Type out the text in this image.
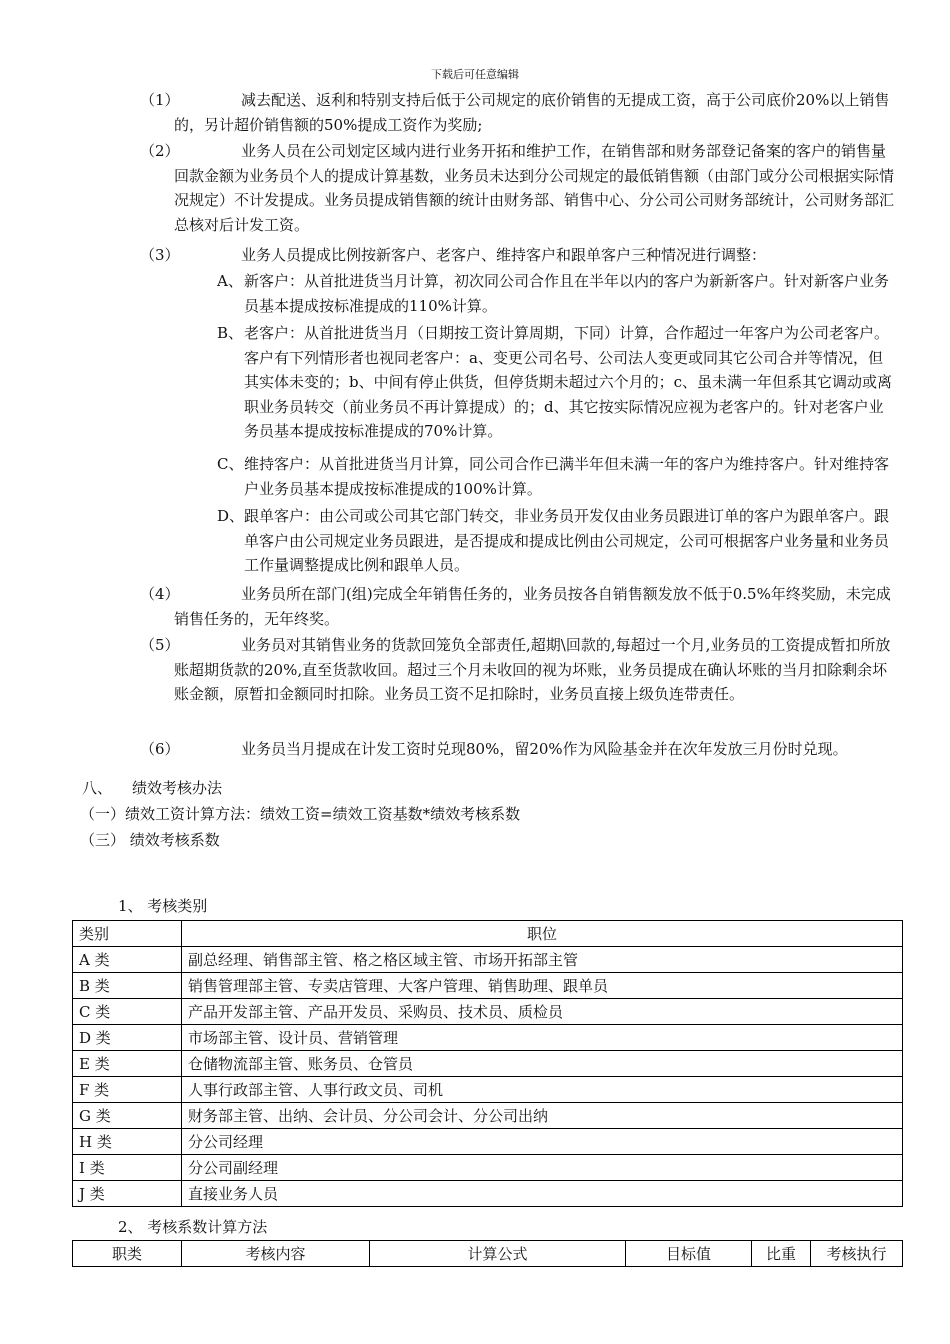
下载后可任意编辑
（1）	减去配送、返利和特别支持后低于公司规定的底价销售的无提成工资，高于公司底价20%以上销售的，另计超价销售额的50%提成工资作为奖励;
（2）	业务人员在公司划定区域内进行业务开拓和维护工作，在销售部和财务部登记备案的客户的销售量回款金额为业务员个人的提成计算基数，业务员未达到分公司规定的最低销售额（由部门或分公司根据实际情况规定）不计发提成。业务员提成销售额的统计由财务部、销售中心、分公司公司财务部统计，公司财务部汇总核对后计发工资。
（3）	业务人员提成比例按新客户、老客户、维持客户和跟单客户三种情况进行调整：
A、 新客户：从首批进货当月计算，初次同公司合作且在半年以内的客户为新新客户。针对新客户业务员基本提成按标准提成的110%计算。
B、 老客户：从首批进货当月（日期按工资计算周期，下同）计算，合作超过一年客户为公司老客户。客户有下列情形者也视同老客户：a、变更公司名号、公司法人变更或同其它公司合并等情况，但其实体未变的；b、中间有停止供货，但停货期未超过六个月的；c、虽未满一年但系其它调动或离职业务员转交（前业务员不再计算提成）的；d、其它按实际情况应视为老客户的。针对老客户业务员基本提成按标准提成的70%计算。
C、 维持客户：从首批进货当月计算，同公司合作已满半年但未满一年的客户为维持客户。针对维持客户业务员基本提成按标准提成的100%计算。
D、 跟单客户：由公司或公司其它部门转交，非业务员开发仅由业务员跟进订单的客户为跟单客户。跟单客户由公司规定业务员跟进，是否提成和提成比例由公司规定，公司可根据客户业务量和业务员工作量调整提成比例和跟单人员。
（4）	业务员所在部门(组)完成全年销售任务的，业务员按各自销售额发放不低于0.5%年终奖励，未完成销售任务的，无年终奖。
（5）	业务员对其销售业务的货款回笼负全部责任,超期\回款的,每超过一个月,业务员的工资提成暂扣所放账超期货款的20%,直至货款收回。超过三个月未收回的视为坏账，业务员提成在确认坏账的当月扣除剩余坏账金额，原暂扣金额同时扣除。业务员工资不足扣除时，业务员直接上级负连带责任。
（6）	业务员当月提成在计发工资时兑现80%，留20%作为风险基金并在次年发放三月份时兑现。
八、 绩效考核办法
（一）绩效工资计算方法：绩效工资=绩效工资基数*绩效考核系数
（三） 绩效考核系数
1、 考核类别
类别	职位
A 类	副总经理、销售部主管、格之格区域主管、市场开拓部主管
B 类	销售管理部主管、专卖店管理、大客户管理、销售助理、跟单员
C 类	产品开发部主管、产品开发员、采购员、技术员、质检员
D 类	市场部主管、设计员、营销管理
E 类	仓储物流部主管、账务员、仓管员
F 类	人事行政部主管、人事行政文员、司机
G 类	财务部主管、出纳、会计员、分公司会计、分公司出纳
H 类	分公司经理
I 类	分公司副经理
J 类	直接业务人员
2、 考核系数计算方法
职类	考核内容	计算公式	目标值	比重	考核执行
